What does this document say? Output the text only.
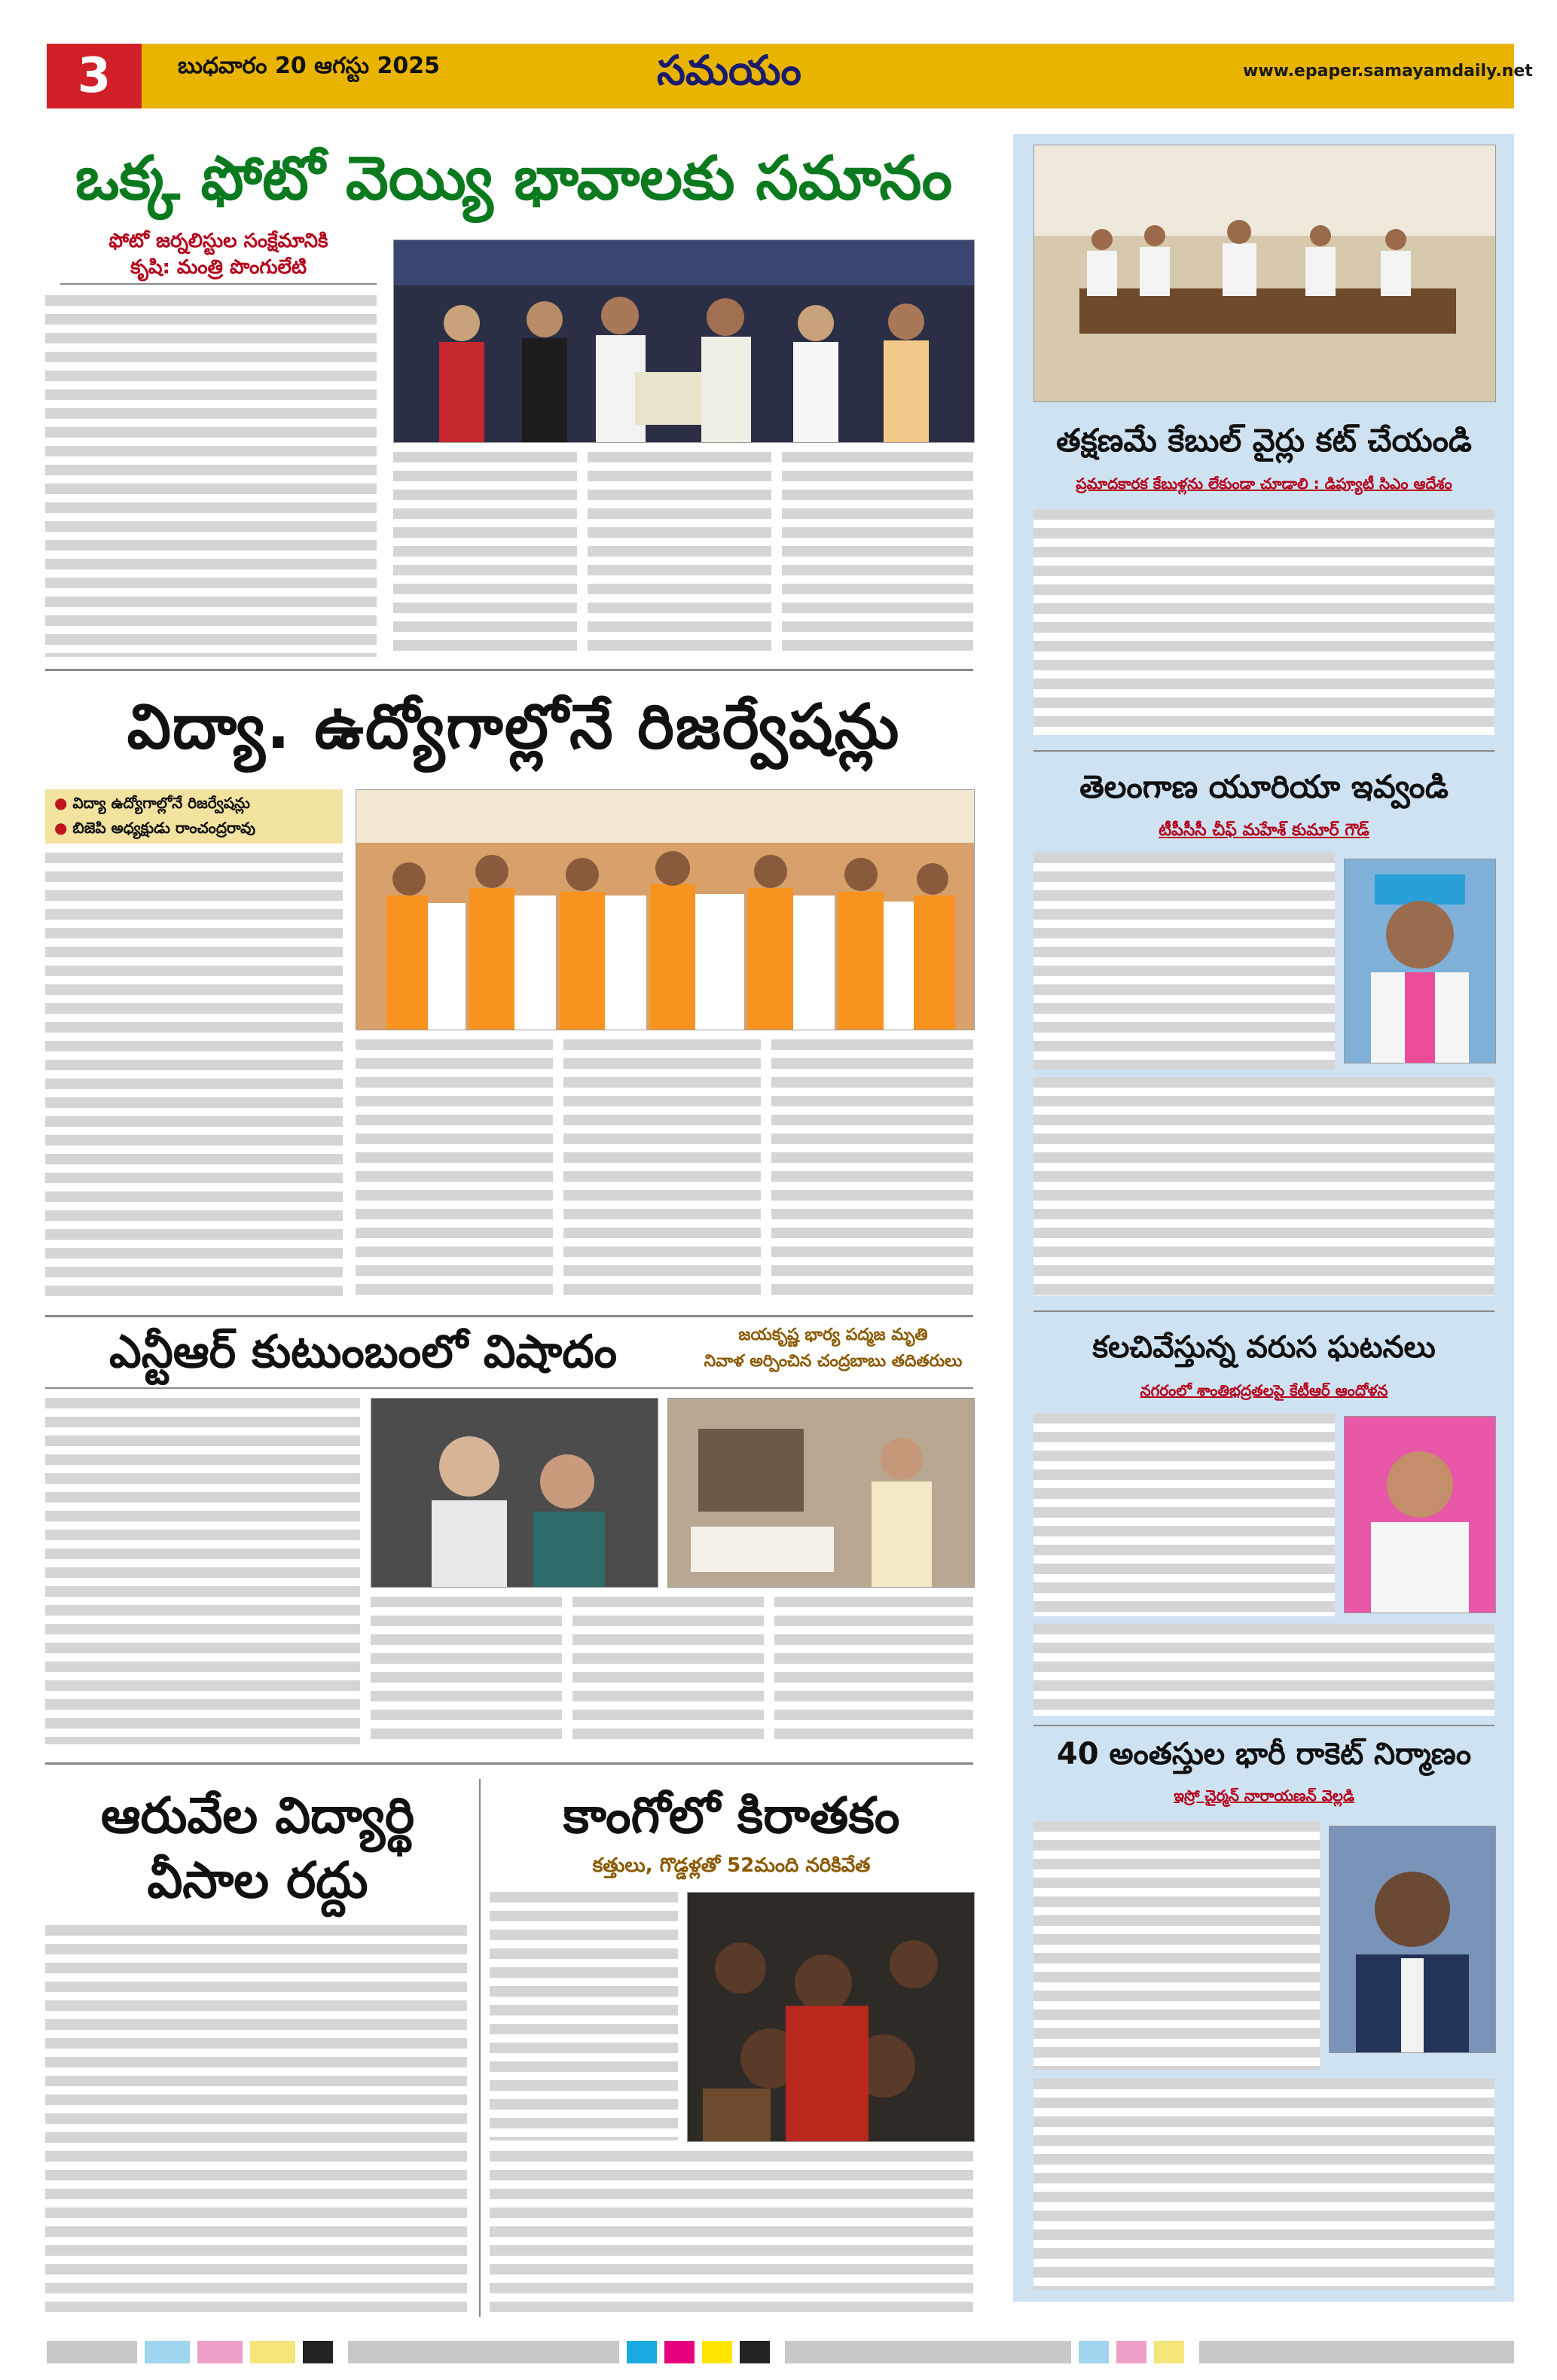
3	బుధవారం 20 ఆగస్టు 2025	సమయం	www.epaper.samayamdaily.net
ఒక్క ఫోటో వెయ్యి భావాలకు సమానం
ఫోటో జర్నలిస్టుల సంక్షేమానికి
కృషి: మంత్రి పొంగులేటి
విద్యా. ఉద్యోగాల్లోనే రిజర్వేషన్లు
● విద్యా ఉద్యోగాల్లోనే రిజర్వేషన్లు
● బిజెపి అధ్యక్షుడు రాంచంద్రరావు
ఎన్టీఆర్ కుటుంబంలో విషాదం	జయకృష్ణ భార్య పద్మజ మృతి
నివాళ అర్పించిన చంద్రబాబు తదితరులు
ఆరువేల విద్యార్థి
వీసాల రద్దు
కాంగోలో కిరాతకం
కత్తులు, గొడ్డళ్లతో 52మంది నరికివేత
తక్షణమే కేబుల్ వైర్లు కట్ చేయండి
ప్రమాదకారక కేబుళ్లను లేకుండా చూడాలి : డిప్యూటీ సిఎం ఆదేశం
తెలంగాణ యూరియా ఇవ్వండి
టీపీసీసీ చీఫ్ మహేశ్ కుమార్ గౌడ్
కలచివేస్తున్న వరుస ఘటనలు
నగరంలో శాంతిభద్రతలపై కేటీఆర్ ఆందోళన
40 అంతస్తుల భారీ రాకెట్ నిర్మాణం
ఇస్రో చైర్మన్ నారాయణన్ వెల్లడి
